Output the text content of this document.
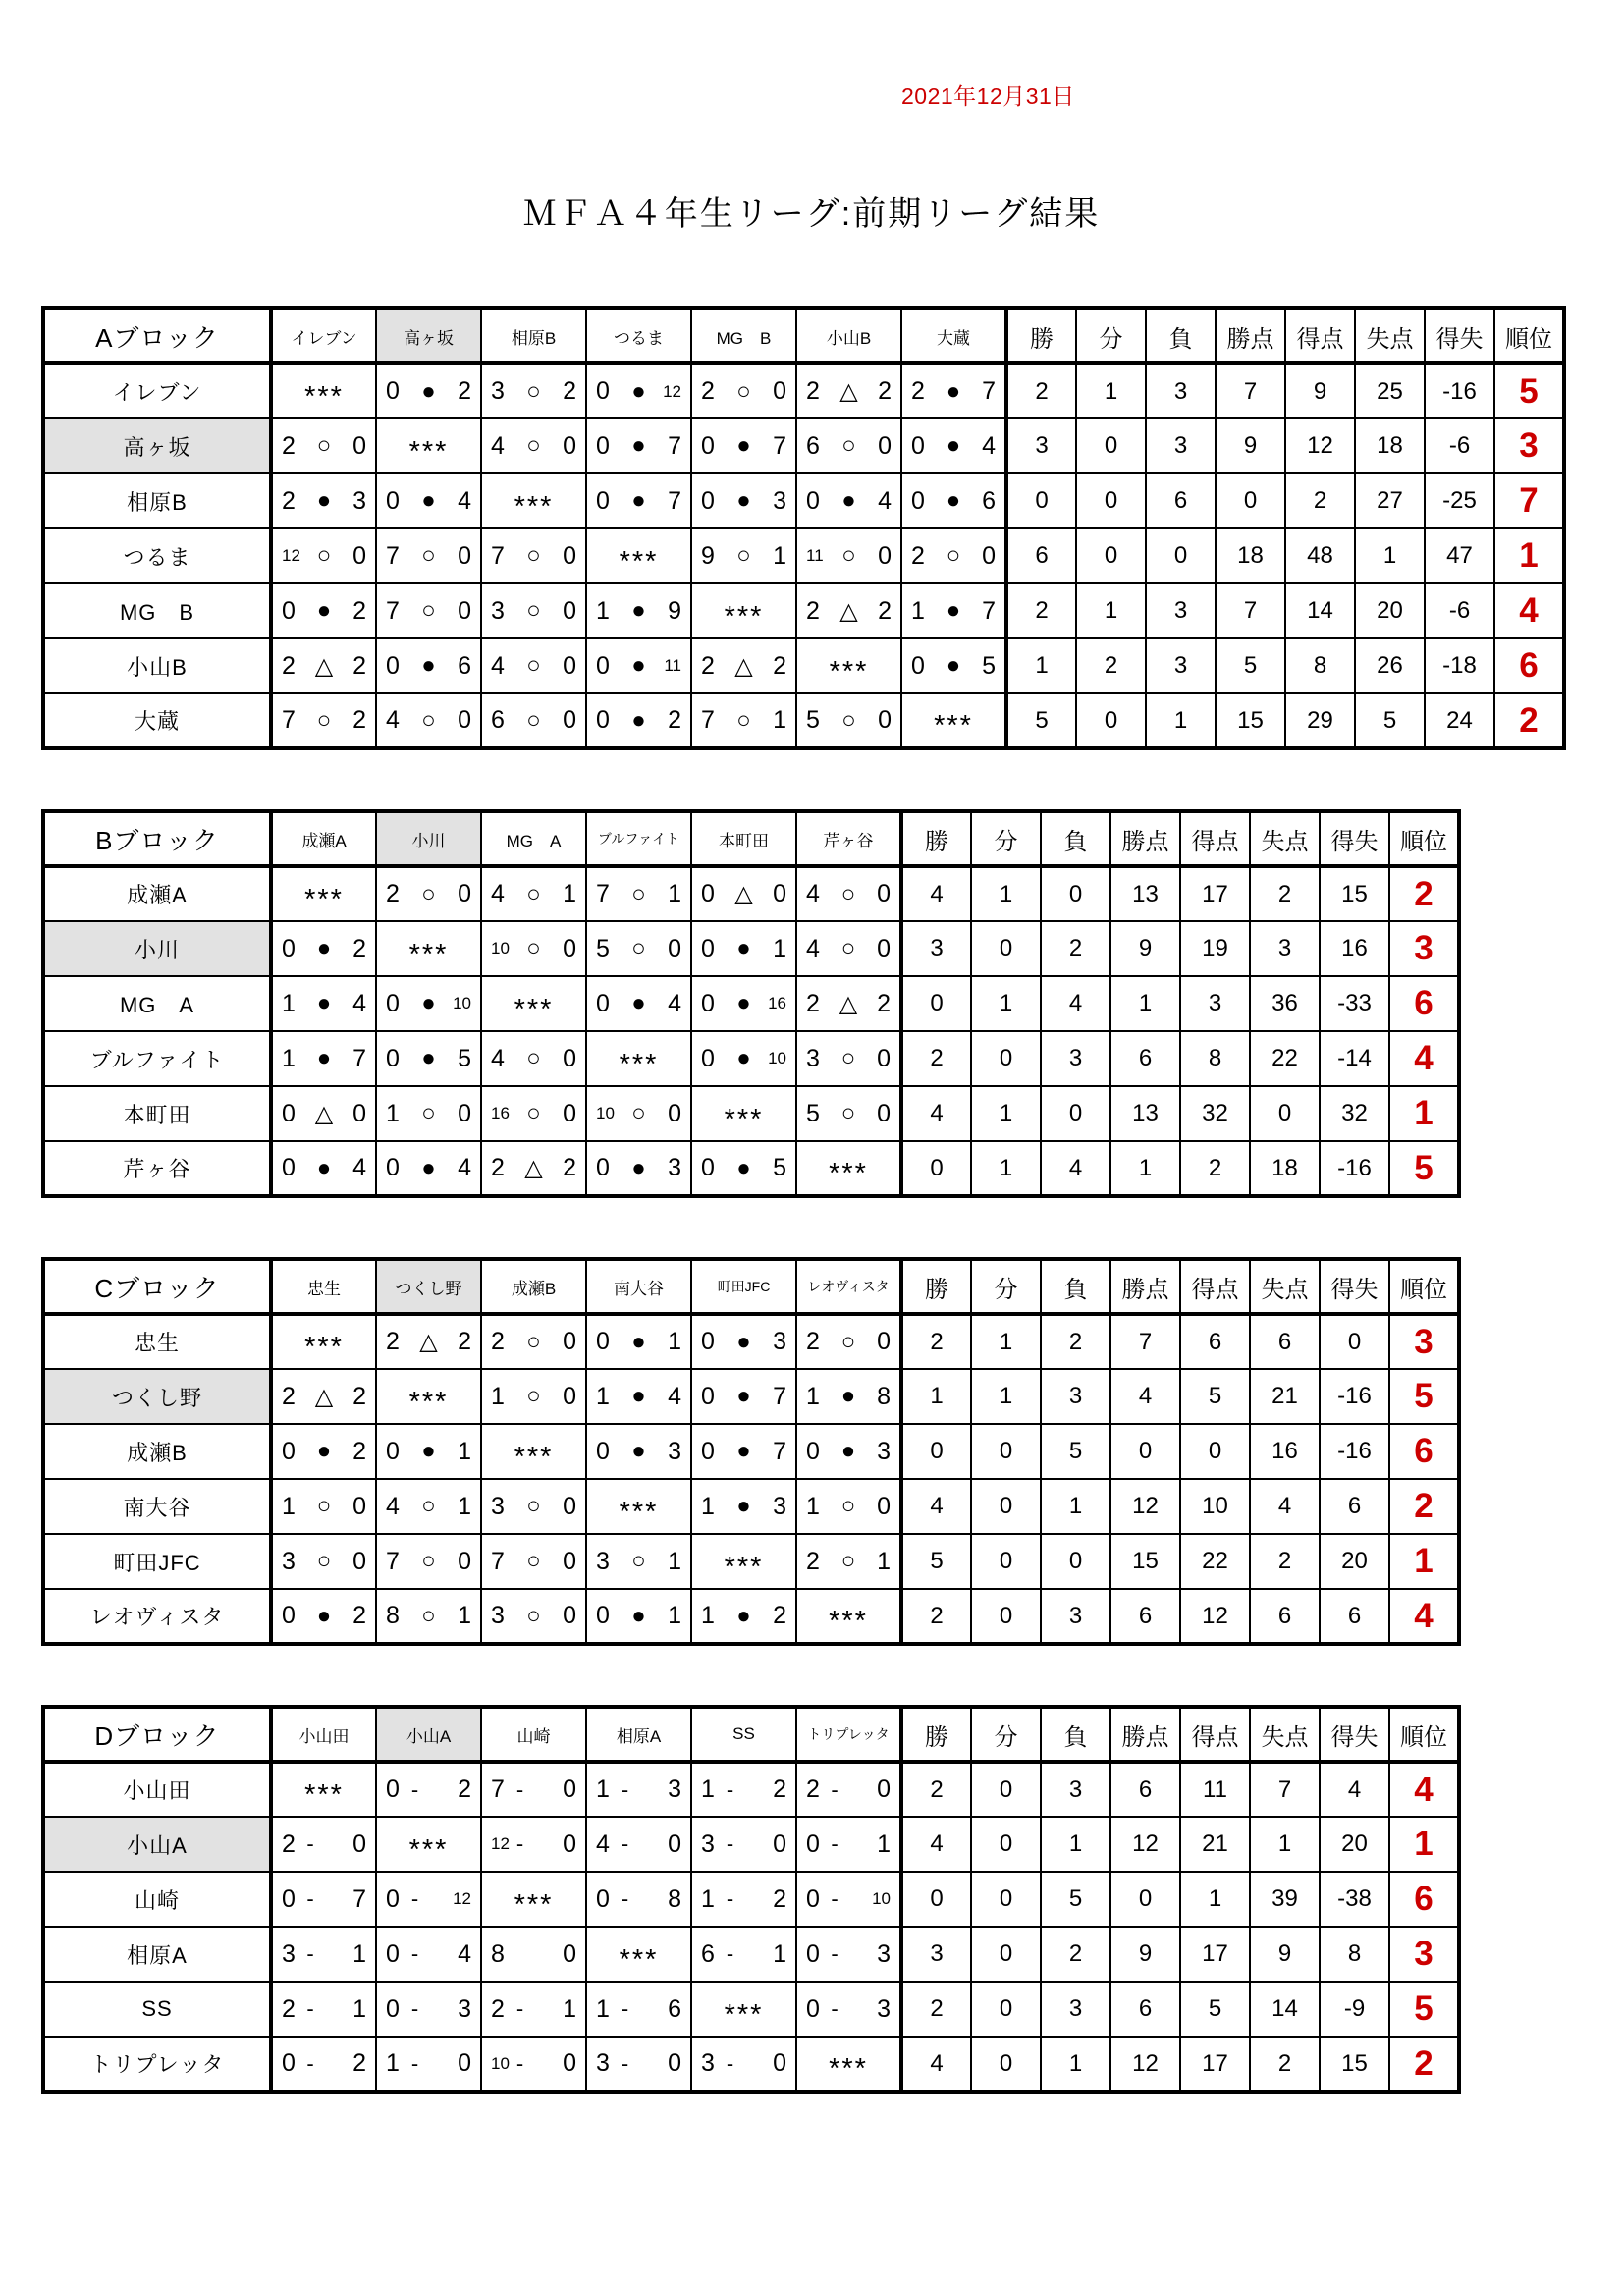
2021年12月31日
ＭＦＡ４年生リーグ:前期リーグ結果
Aブロック	イレブン	高ヶ坂	相原B	つるま	MG　B	小山B	大蔵	勝	分	負	勝点	得点	失点	得失	順位
イレブン	***	0 ● 2	3 ○ 2	0 ● 12	2 ○ 0	2 △ 2	2 ● 7	2	1	3	7	9	25	-16	5
高ヶ坂	2 ○ 0	***	4 ○ 0	0 ● 7	0 ● 7	6 ○ 0	0 ● 4	3	0	3	9	12	18	-6	3
相原B	2 ● 3	0 ● 4	***	0 ● 7	0 ● 3	0 ● 4	0 ● 6	0	0	6	0	2	27	-25	7
つるま	12 ○ 0	7 ○ 0	7 ○ 0	***	9 ○ 1	11 ○ 0	2 ○ 0	6	0	0	18	48	1	47	1
MG　B	0 ● 2	7 ○ 0	3 ○ 0	1 ● 9	***	2 △ 2	1 ● 7	2	1	3	7	14	20	-6	4
小山B	2 △ 2	0 ● 6	4 ○ 0	0 ● 11	2 △ 2	***	0 ● 5	1	2	3	5	8	26	-18	6
大蔵	7 ○ 2	4 ○ 0	6 ○ 0	0 ● 2	7 ○ 1	5 ○ 0	***	5	0	1	15	29	5	24	2
Bブロック	成瀬A	小川	MG　A	ブルファイト	本町田	芹ヶ谷	勝	分	負	勝点	得点	失点	得失	順位
成瀬A	***	2 ○ 0	4 ○ 1	7 ○ 1	0 △ 0	4 ○ 0	4	1	0	13	17	2	15	2
小川	0 ● 2	***	10 ○ 0	5 ○ 0	0 ● 1	4 ○ 0	3	0	2	9	19	3	16	3
MG　A	1 ● 4	0 ● 10	***	0 ● 4	0 ● 16	2 △ 2	0	1	4	1	3	36	-33	6
ブルファイト	1 ● 7	0 ● 5	4 ○ 0	***	0 ● 10	3 ○ 0	2	0	3	6	8	22	-14	4
本町田	0 △ 0	1 ○ 0	16 ○ 0	10 ○ 0	***	5 ○ 0	4	1	0	13	32	0	32	1
芹ヶ谷	0 ● 4	0 ● 4	2 △ 2	0 ● 3	0 ● 5	***	0	1	4	1	2	18	-16	5
Cブロック	忠生	つくし野	成瀬B	南大谷	町田JFC	レオヴィスタ	勝	分	負	勝点	得点	失点	得失	順位
忠生	***	2 △ 2	2 ○ 0	0 ● 1	0 ● 3	2 ○ 0	2	1	2	7	6	6	0	3
つくし野	2 △ 2	***	1 ○ 0	1 ● 4	0 ● 7	1 ● 8	1	1	3	4	5	21	-16	5
成瀬B	0 ● 2	0 ● 1	***	0 ● 3	0 ● 7	0 ● 3	0	0	5	0	0	16	-16	6
南大谷	1 ○ 0	4 ○ 1	3 ○ 0	***	1 ● 3	1 ○ 0	4	0	1	12	10	4	6	2
町田JFC	3 ○ 0	7 ○ 0	7 ○ 0	3 ○ 1	***	2 ○ 1	5	0	0	15	22	2	20	1
レオヴィスタ	0 ● 2	8 ○ 1	3 ○ 0	0 ● 1	1 ● 2	***	2	0	3	6	12	6	6	4
Dブロック	小山田	小山A	山崎	相原A	SS	トリプレッタ	勝	分	負	勝点	得点	失点	得失	順位
小山田	***	0 - 2	7 - 0	1 - 3	1 - 2	2 - 0	2	0	3	6	11	7	4	4
小山A	2 - 0	***	12 - 0	4 - 0	3 - 0	0 - 1	4	0	1	12	21	1	20	1
山崎	0 - 7	0 - 12	***	0 - 8	1 - 2	0 - 10	0	0	5	0	1	39	-38	6
相原A	3 - 1	0 - 4	8 0	***	6 - 1	0 - 3	3	0	2	9	17	9	8	3
SS	2 - 1	0 - 3	2 - 1	1 - 6	***	0 - 3	2	0	3	6	5	14	-9	5
トリプレッタ	0 - 2	1 - 0	10 - 0	3 - 0	3 - 0	***	4	0	1	12	17	2	15	2
